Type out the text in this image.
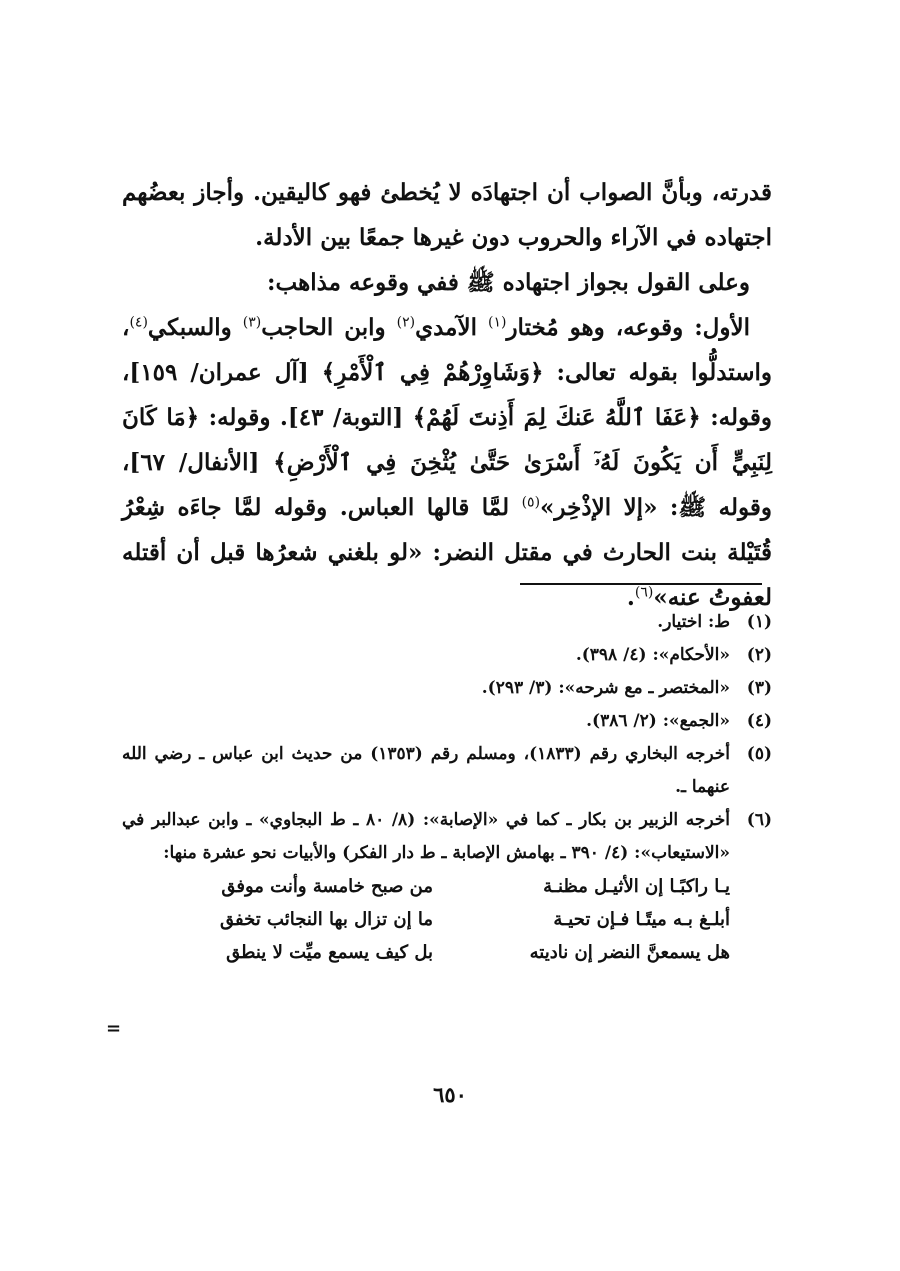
قدرته، وبأنَّ الصواب أن اجتهادَه لا يُخطئ فهو كاليقين. وأجاز بعضُهم اجتهاده في الآراء والحروب دون غيرها جمعًا بين الأدلة.

وعلى القول بجواز اجتهاده ﷺ ففي وقوعه مذاهب:

الأول: وقوعه، وهو مُختار$^{(١)}$ الآمدي$^{(٢)}$ وابن الحاجب$^{(٣)}$ والسبكي$^{(٤)}$، واستدلُّوا بقوله تعالى: ﴿وَشَاوِرْهُمْ فِي ٱلْأَمْرِ﴾ [آل عمران/ ١٥٩]، وقوله: ﴿عَفَا ٱللَّهُ عَنكَ لِمَ أَذِنتَ لَهُمْ﴾ [التوبة/ ٤٣]. وقوله: ﴿مَا كَانَ لِنَبِيٍّ أَن يَكُونَ لَهُۥٓ أَسْرَىٰ حَتَّىٰ يُثْخِنَ فِي ٱلْأَرْضِ﴾ [الأنفال/ ٦٧]، وقوله ﷺ: «إلا الإذْخِر»$^{(٥)}$ لمَّا قالها العباس. وقوله لمَّا جاءَه شِعْرُ قُتَيْلة بنت الحارث في مقتل النضر: «لو بلغني شعرُها قبل أن أقتله لعفوتُ عنه»$^{(٦)}$.

(١)
ط: اختيار.
(٢)
«الأحكام»: (٤/ ٣٩٨).
(٣)
«المختصر ـ مع شرحه»: (٣/ ٢٩٣).
(٤)
«الجمع»: (٢/ ٣٨٦).
(٥)
أخرجه البخاري رقم (١٨٣٣)، ومسلم رقم (١٣٥٣) من حديث ابن عباس ـ رضي الله عنهما ـ.
(٦)
أخرجه الزبير بن بكار ـ كما في «الإصابة»: (٨/ ٨٠ ـ ط البجاوي» ـ وابن عبدالبر في «الاستيعاب»: (٤/ ٣٩٠ ـ بهامش الإصابة ـ ط دار الفكر) والأبيات نحو عشرة منها:
يـا راكبًـا إن الأثيـل مظنـة
من صبح خامسة وأنت موفق
أبلـغ بـه ميتًـا فـإن تحيـة
ما إن تزال بها النجائب تخفق
هل يسمعنَّ النضر إن ناديته
بل كيف يسمع ميِّت لا ينطق
=
٦٥٠
